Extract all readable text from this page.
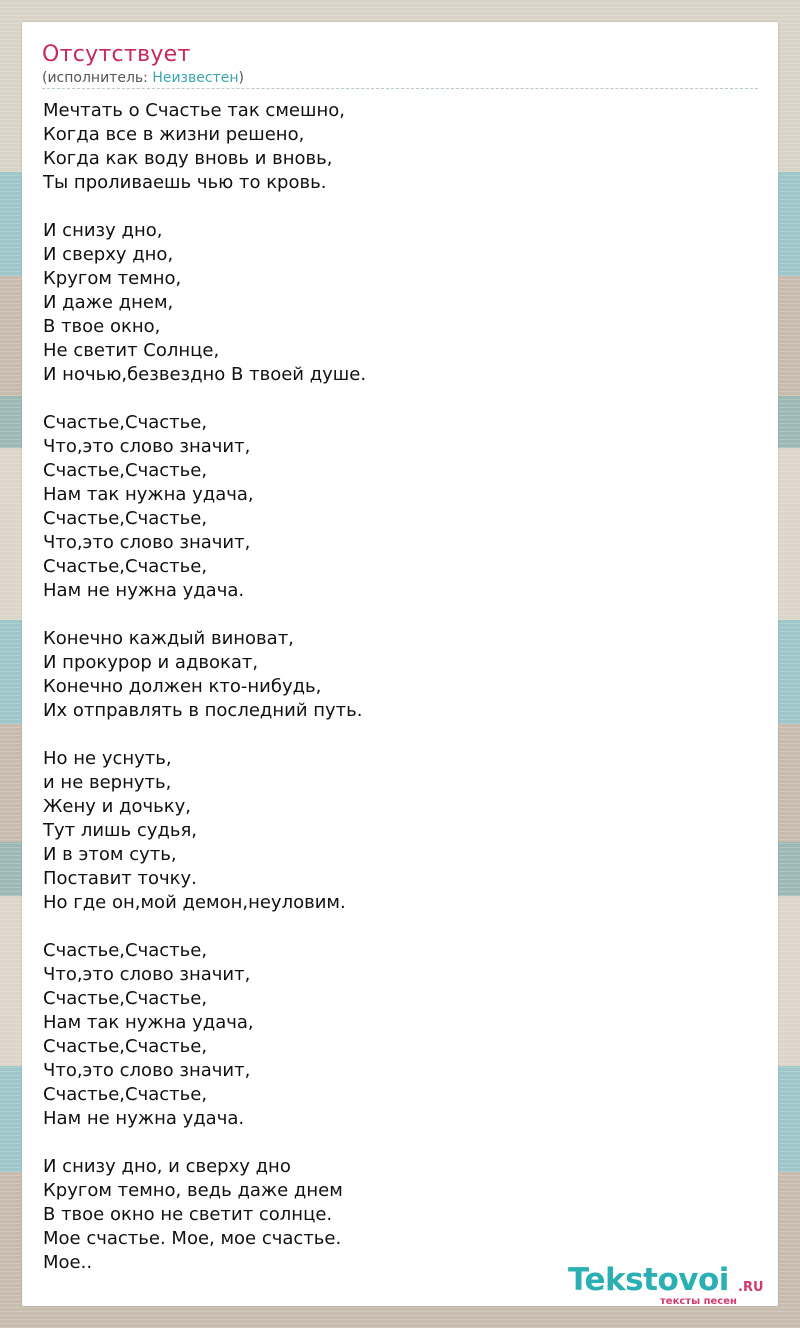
Отсутствует
(исполнитель: Неизвестен)
Мечтать о Счастье так смешно,
Когда все в жизни решено,
Когда как воду вновь и вновь,
Ты проливаешь чью то кровь.
И снизу дно,
И сверху дно,
Кругом темно,
И даже днем,
В твое окно,
Не светит Солнце,
И ночью,безвездно В твоей душе.
Счастье,Счастье,
Что,это слово значит,
Счастье,Счастье,
Нам так нужна удача,
Счастье,Счастье,
Что,это слово значит,
Счастье,Счастье,
Нам не нужна удача.
Конечно каждый виноват,
И прокурор и адвокат,
Конечно должен кто-нибудь,
Их отправлять в последний путь.
Но не уснуть,
и не вернуть,
Жену и дочьку,
Тут лишь судья,
И в этом суть,
Поставит точку.
Но где он,мой демон,неуловим.
Счастье,Счастье,
Что,это слово значит,
Счастье,Счастье,
Нам так нужна удача,
Счастье,Счастье,
Что,это слово значит,
Счастье,Счастье,
Нам не нужна удача.
И снизу дно, и сверху дно
Кругом темно, ведь даже днем
В твое окно не светит солнце.
Мое счастье. Мое, мое счастье.
Мое..	Tekstovoi .RU
тексты песен
